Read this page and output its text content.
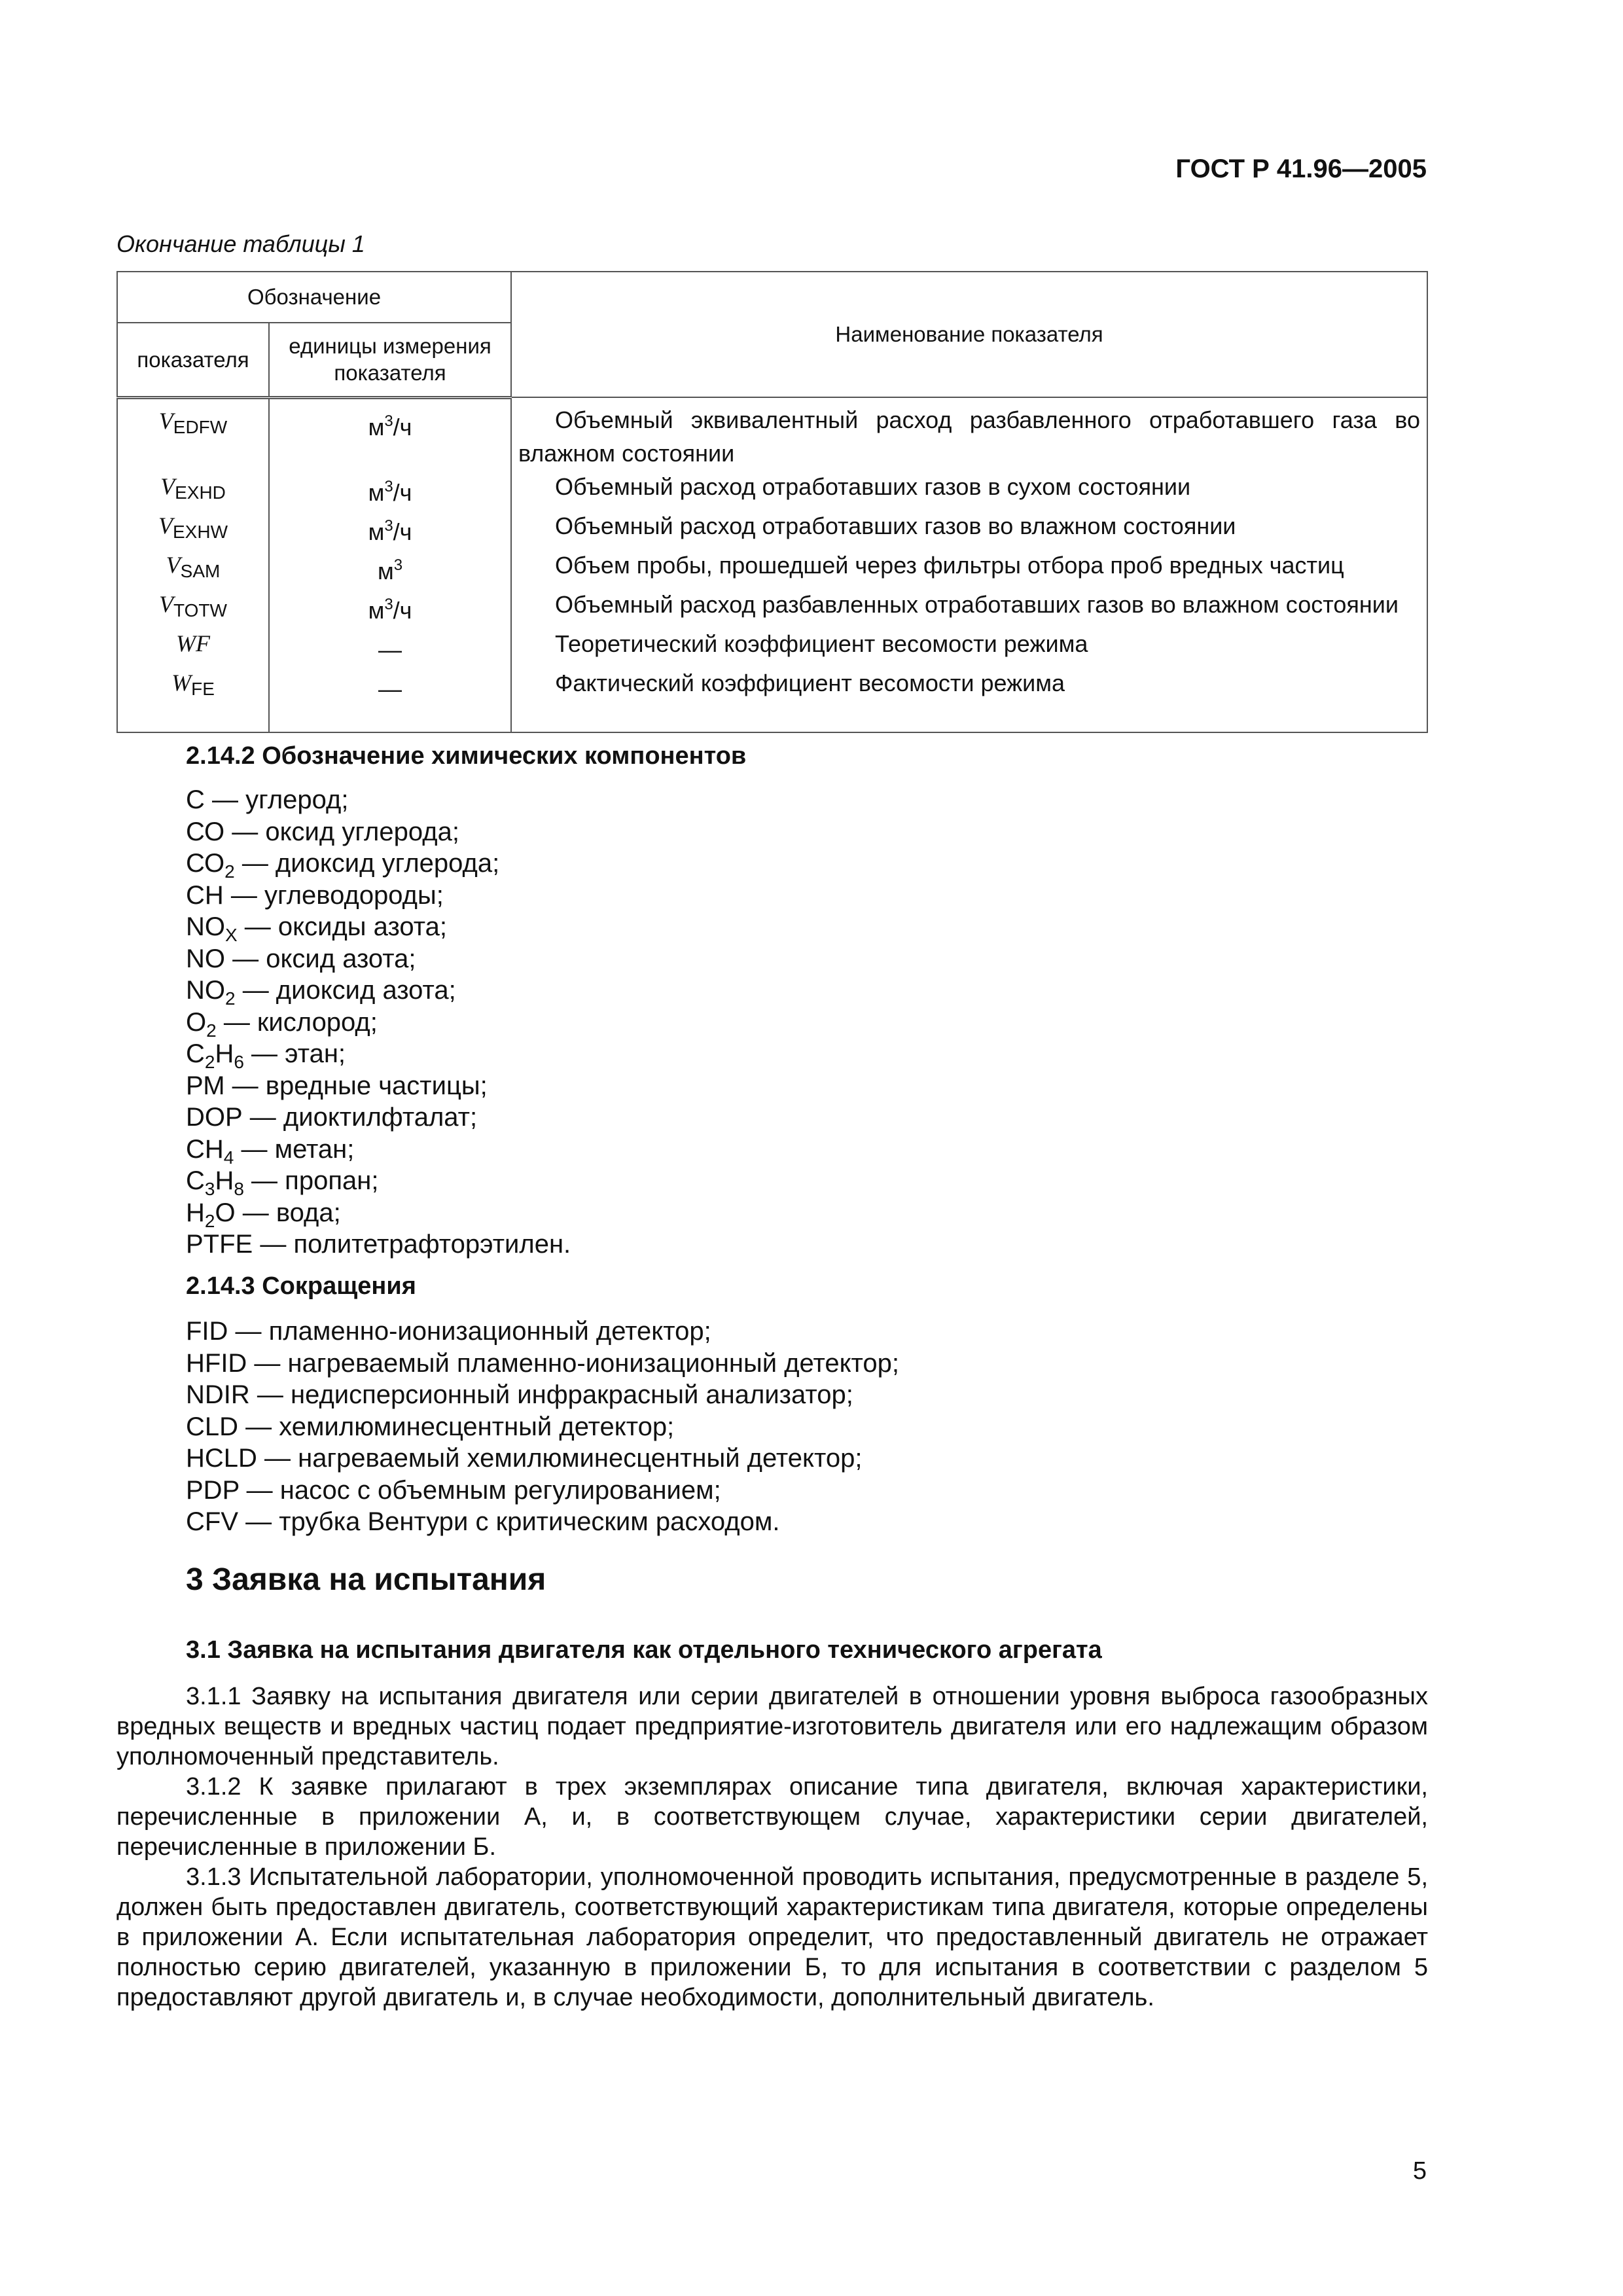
ГОСТ Р 41.96—2005
Окончание таблицы 1
Обозначение		Наименование показателя
показателя	единицы измерения показателя	
$V_{EDFW}$	$м^3/ч$	Объемный эквивалентный расход разбавленного отработавшего газа во влажном состоянии
$V_{EXHD}$	$м^3/ч$	Объемный расход отработавших газов в сухом состоянии
$V_{EXHW}$	$м^3/ч$	Объемный расход отработавших газов во влажном состоянии
$V_{SAM}$	$м^3$	Объем пробы, прошедшей через фильтры отбора проб вредных частиц
$V_{TOTW}$	$м^3/ч$	Объемный расход разбавленных отработавших газов во влажном состоянии
WF	—	Теоретический коэффициент весомости режима
$W_{FE}$	—	Фактический коэффициент весомости режима
2.14.2 Обозначение химических компонентов
С — углерод;
СО — оксид углерода;
$СО_2$ — диоксид углерода;
СН — углеводороды;
$NO_X$ — оксиды азота;
NO — оксид азота;
$NO_2$ — диоксид азота;
$O_2$ — кислород;
$C_2H_6$ — этан;
РМ — вредные частицы;
DOP — диоктилфталат;
$СН_4$ — метан;
$С_3Н_8$ — пропан;
$Н_2О$ — вода;
PTFE — политетрафторэтилен.
2.14.3 Сокращения
FID — пламенно-ионизационный детектор;
HFID — нагреваемый пламенно-ионизационный детектор;
NDIR — недисперсионный инфракрасный анализатор;
CLD — хемилюминесцентный детектор;
HCLD — нагреваемый хемилюминесцентный детектор;
PDP — насос с объемным регулированием;
CFV — трубка Вентури с критическим расходом.
3 Заявка на испытания
3.1 Заявка на испытания двигателя как отдельного технического агрегата
3.1.1 Заявку на испытания двигателя или серии двигателей в отношении уровня выброса газообразных вредных веществ и вредных частиц подает предприятие-изготовитель двигателя или его надлежащим образом уполномоченный представитель.
3.1.2 К заявке прилагают в трех экземплярах описание типа двигателя, включая характеристики, перечисленные в приложении А, и, в соответствующем случае, характеристики серии двигателей, перечисленные в приложении Б.
3.1.3 Испытательной лаборатории, уполномоченной проводить испытания, предусмотренные в разделе 5, должен быть предоставлен двигатель, соответствующий характеристикам типа двигателя, которые определены в приложении А. Если испытательная лаборатория определит, что предоставленный двигатель не отражает полностью серию двигателей, указанную в приложении Б, то для испытания в соответствии с разделом 5 предоставляют другой двигатель и, в случае необходимости, дополнительный двигатель.
5
